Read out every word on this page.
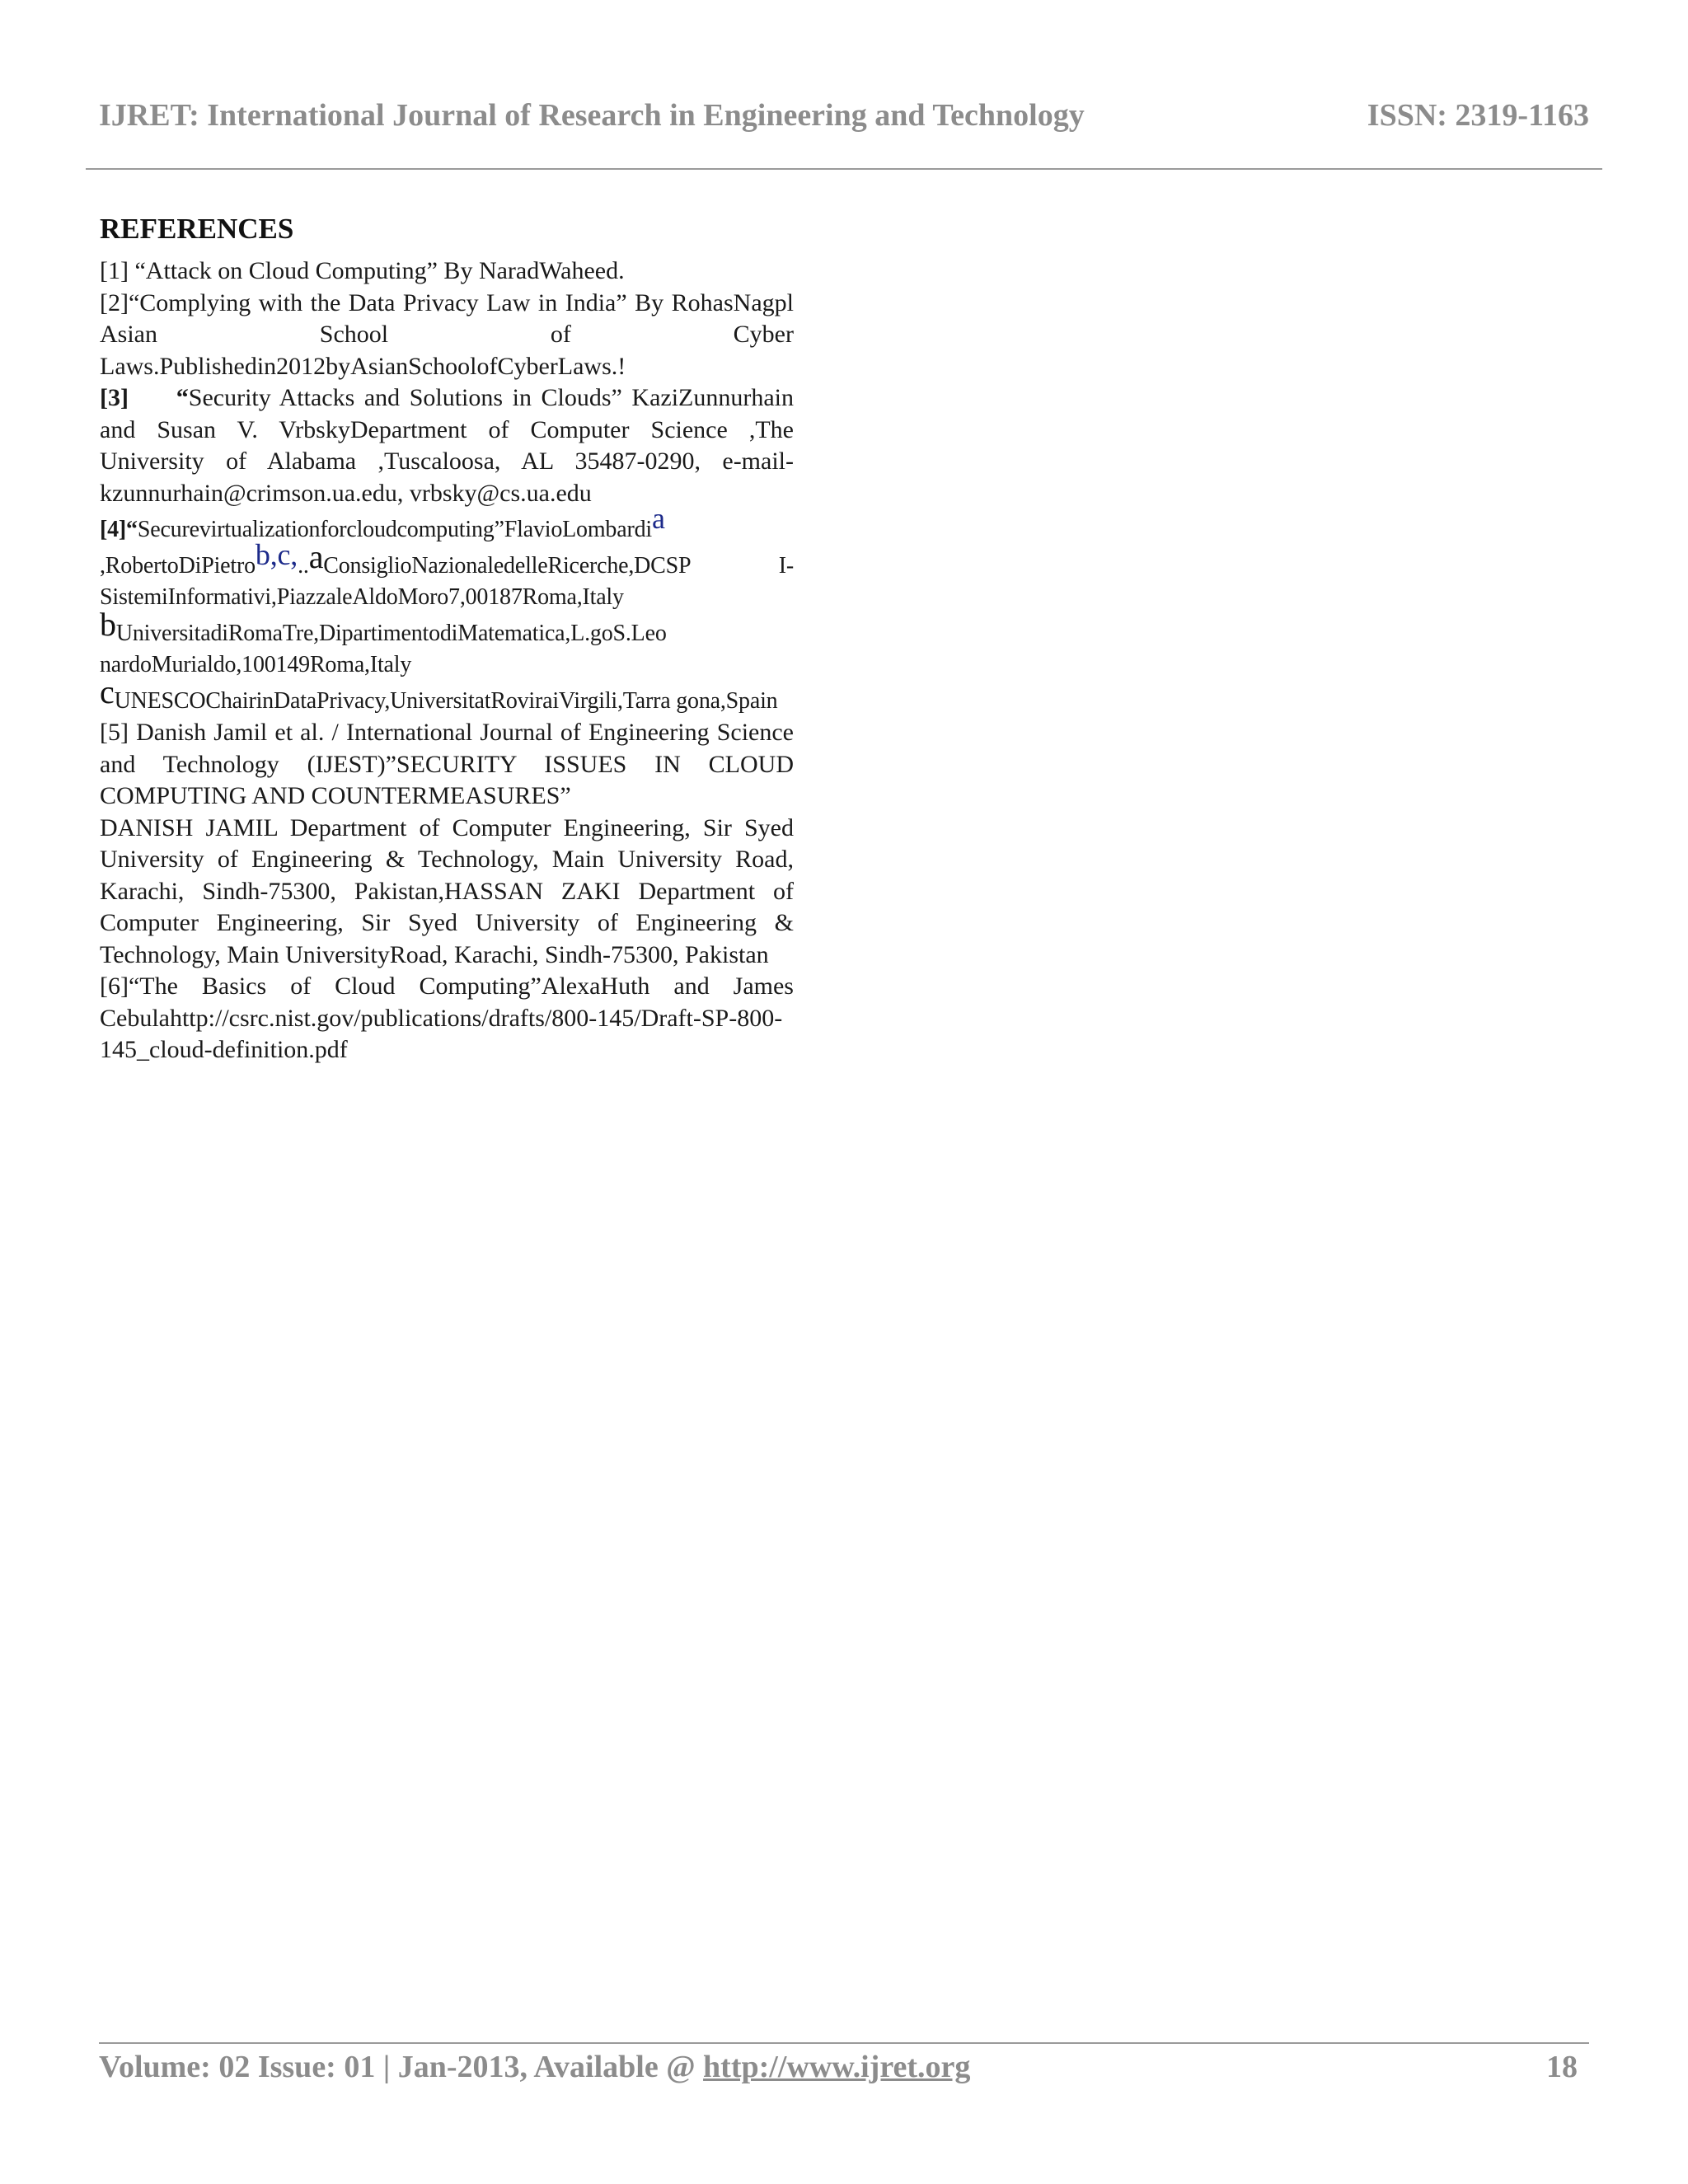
IJRET: International Journal of Research in Engineering and Technology	ISSN: 2319-1163
REFERENCES
[1] “Attack on Cloud Computing” By NaradWaheed.
[2]“Complying with the Data Privacy Law in India” By RohasNagpl Asian School of Cyber Laws.Publishedin2012byAsianSchoolofCyberLaws.!
[3] “Security Attacks and Solutions in Clouds” KaziZunnurhain and Susan V. VrbskyDepartment of Computer Science ,The University of Alabama ,Tuscaloosa, AL 35487-0290, e-mail- kzunnurhain@crimson.ua.edu, vrbsky@cs.ua.edu
[4]“Securevirtualizationforcloudcomputing”FlavioLombardia
,RobertoDiPietrob,c,..aConsiglioNazionaledelleRicerche,DCSP I-SistemiInformativi,PiazzaleAldoMoro7,00187Roma,Italy
bUniversitadiRomaTre,DipartimentodiMatematica,L.goS.Leo nardoMurialdo,100149Roma,Italy
cUNESCOChairinDataPrivacy,UniversitatRoviraiVirgili,Tarra gona,Spain
[5] Danish Jamil et al. / International Journal of Engineering Science and Technology (IJEST)”SECURITY ISSUES IN CLOUD COMPUTING AND COUNTERMEASURES”
DANISH JAMIL Department of Computer Engineering, Sir Syed University of Engineering & Technology, Main University Road, Karachi, Sindh-75300, Pakistan,HASSAN ZAKI Department of Computer Engineering, Sir Syed University of Engineering & Technology, Main UniversityRoad, Karachi, Sindh-75300, Pakistan
[6]“The Basics of Cloud Computing”AlexaHuth and James Cebulahttp://csrc.nist.gov/publications/drafts/800-145/Draft-SP-800-145_cloud-definition.pdf
Volume: 02 Issue: 01 | Jan-2013, Available @ http://www.ijret.org	18
